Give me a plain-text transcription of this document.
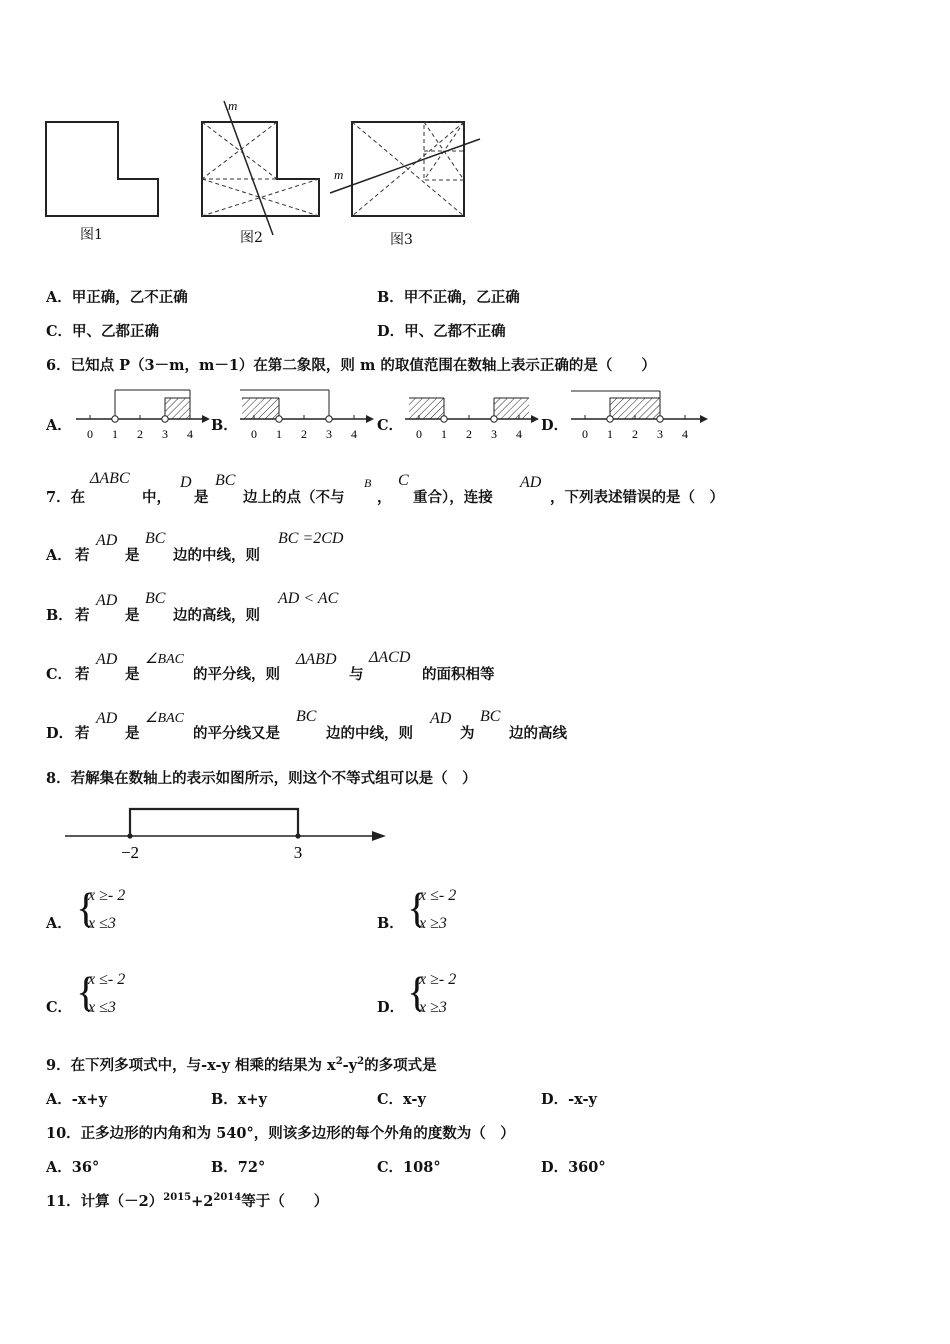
图1	图2	图3
m
m
A．甲正确，乙不正确	B．甲不正确，乙正确
C．甲、乙都正确	D．甲、乙都不正确
6．已知点 P（3－m，m－1）在第二象限，则 m 的取值范围在数轴上表示正确的是（　　）
A．	B．	C．	D．
0 1 2 3 4	0 1 2 3 4	0 1 2 3 4	0 1 2 3 4
7．在
ΔABC
中，
D
是
BC
边上的点（不与
B
，
C
重合），连接
AD
，下列表述错误的是（　）
A． 若
AD
是
BC
边的中线，则
BC =2CD
B． 若
AD
是
BC
边的高线，则
AD < AC
C． 若
AD
是
∠BAC
的平分线，则
ΔABD
与
ΔACD
的面积相等
D． 若
AD
是
∠BAC
的平分线又是
BC
边的中线，则
AD
为
BC
边的高线
8．若解集在数轴上的表示如图所示，则这个不等式组可以是（　）
−2	3
A． {
x ≥- 2
x ≤3	B． {
x ≤- 2
x ≥3
C． {
x ≤- 2
x ≤3	D． {
x ≥- 2
x ≥3
9．在下列多项式中，与-x-y 相乘的结果为 $x^2-y^2$的多项式是
A．-x+y	B．x+y	C．x-y	D．-x-y
10．正多边形的内角和为 540°，则该多边形的每个外角的度数为（　）
A．36°	B．72°	C．108°	D．360°
11．计算$(-2)^{2015}+2^{2014}$等于（　　）
